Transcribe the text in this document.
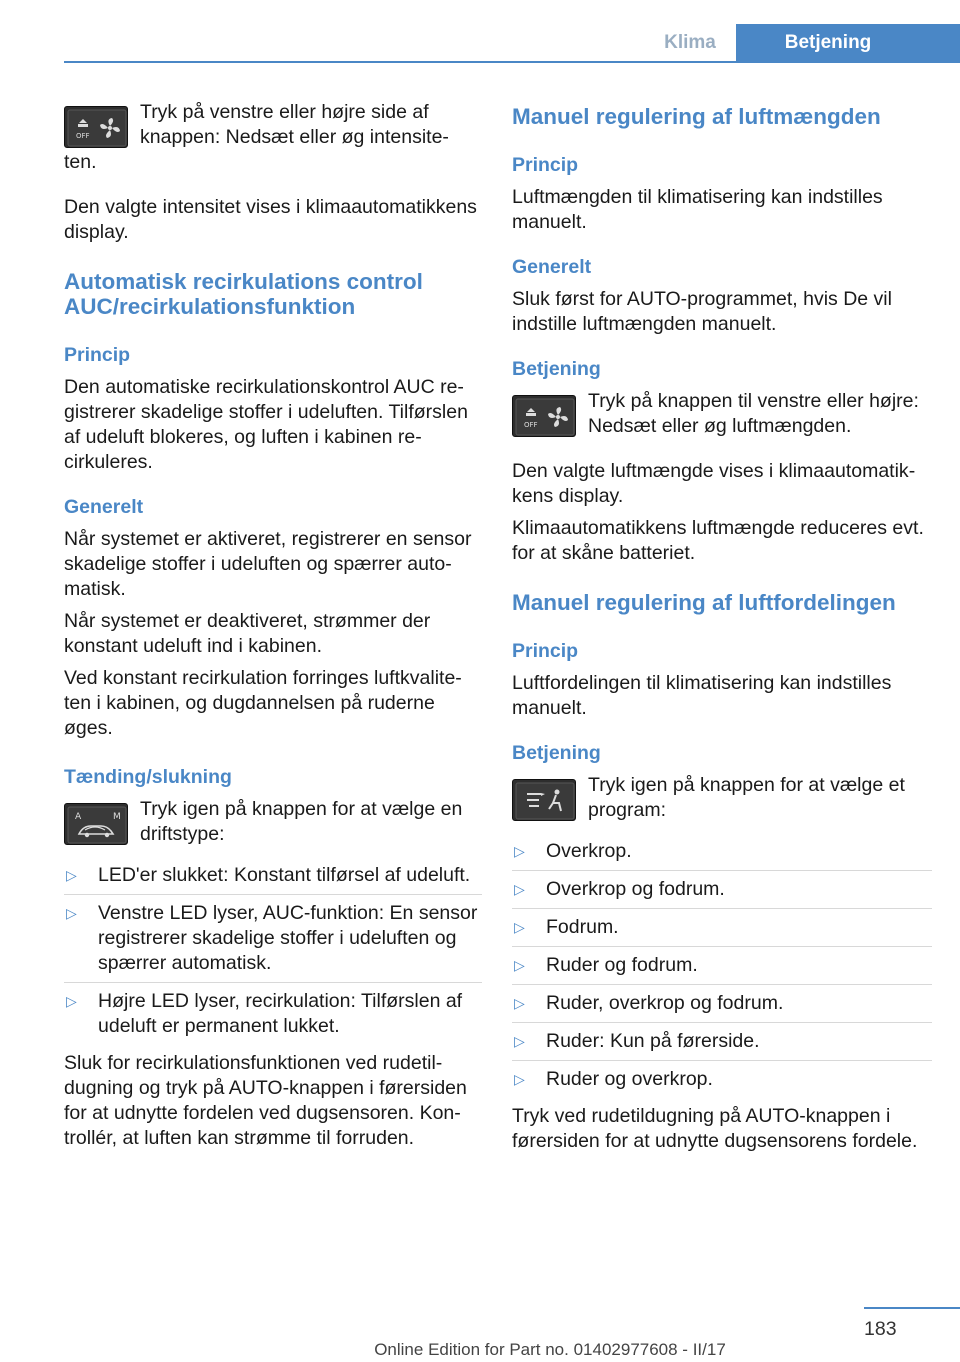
Klima	Betjening
OFF

Tryk på venstre eller højre side af knappen: Nedsæt eller øg intensite-

ten.

Den valgte intensitet vises i klimaautomatikkens display.

Automatisk recirkulations control AUC/recirkulationsfunktion
Princip

Den automatiske recirkulationskontrol AUC registrerer skadelige stoffer i udeluften. Tilførslen af udeluft blokeres, og luften i kabinen recirkuleres.

Generelt

Når systemet er aktiveret, registrerer en sensor skadelige stoffer i udeluften og spærrer automatisk.

Når systemet er deaktiveret, strømmer der konstant udeluft ind i kabinen.

Ved konstant recirkulation forringes luftkvaliteten i kabinen, og dugdannelsen på ruderne øges.

Tænding/slukning
A	M Tryk igen på knappen for at vælge en driftstype:

▷ LED'er slukket: Konstant tilførsel af udeluft.
▷ Venstre LED lyser, AUC-funktion: En sensor registrerer skadelige stoffer i udeluften og spærrer automatisk.
▷ Højre LED lyser, recirkulation: Tilførslen af udeluft er permanent lukket.

Sluk for recirkulationsfunktionen ved rudetildugning og tryk på AUTO-knappen i førersiden for at udnytte fordelen ved dugsensoren. Kontrollér, at luften kan strømme til forruden.

Manuel regulering af luftmængden
Princip

Luftmængden til klimatisering kan indstilles manuelt.

Generelt

Sluk først for AUTO-programmet, hvis De vil indstille luftmængden manuelt.

Betjening
OFF

Tryk på knappen til venstre eller højre: Nedsæt eller øg luftmængden.

Den valgte luftmængde vises i klimaautomatikkens display.

Klimaautomatikkens luftmængde reduceres evt. for at skåne batteriet.

Manuel regulering af luftfordelingen
Princip

Luftfordelingen til klimatisering kan indstilles manuelt.

Betjening

Tryk igen på knappen for at vælge et program:

▷ Overkrop.
▷ Overkrop og fodrum.
▷ Fodrum.
▷ Ruder og fodrum.
▷ Ruder, overkrop og fodrum.
▷ Ruder: Kun på førerside.
▷ Ruder og overkrop.

Tryk ved rudetildugning på AUTO-knappen i førersiden for at udnytte dugsensorens fordele.

183
Online Edition for Part no. 01402977608 - II/17
